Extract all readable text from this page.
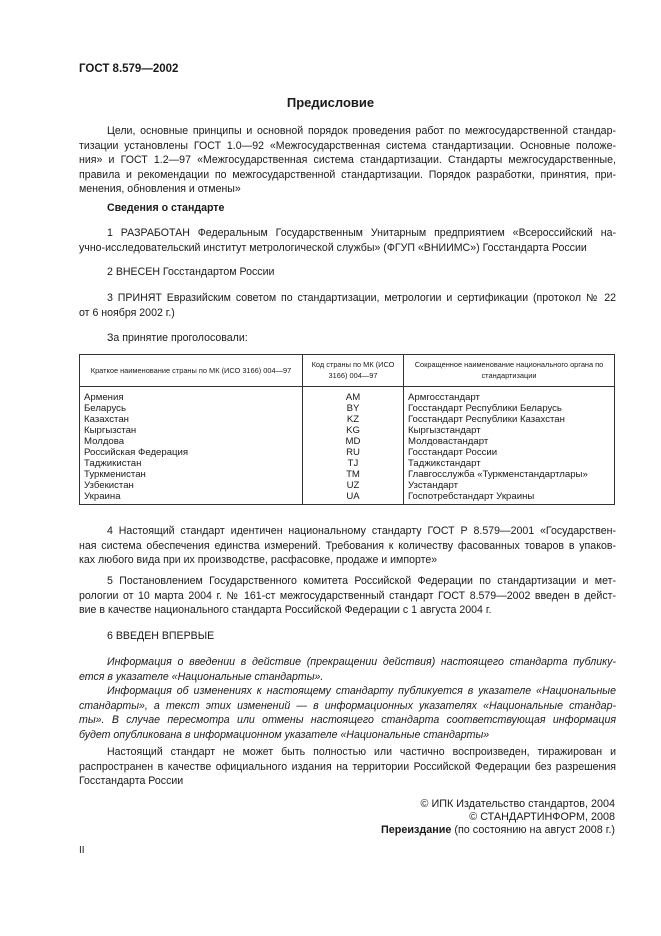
ГОСТ 8.579—2002
Предисловие
Цели, основные принципы и основной порядок проведения работ по межгосударственной стандар-
тизации установлены ГОСТ 1.0—92 «Межгосударственная система стандартизации. Основные положе-
ния» и ГОСТ 1.2—97 «Межгосударственная система стандартизации. Стандарты межгосударственные,
правила и рекомендации по межгосударственной стандартизации. Порядок разработки, принятия, при-
менения, обновления и отмены»
Сведения о стандарте
1 РАЗРАБОТАН Федеральным Государственным Унитарным предприятием «Всероссийский на-
учно-исследовательский институт метрологической службы» (ФГУП «ВНИИМС») Госстандарта России
2 ВНЕСЕН Госстандартом России
3 ПРИНЯТ Евразийским советом по стандартизации, метрологии и сертификации (протокол № 22
от 6 ноября 2002 г.)
За принятие проголосовали:
Краткое наименование страны по МК (ИСО 3166) 004—97	Код страны по МК (ИСО 3166) 004—97	Сокращенное наименование национального органа по стандартизации
Армения	AM	Армгосстандарт
Беларусь	BY	Госстандарт Республики Беларусь
Казахстан	KZ	Госстандарт Республики Казахстан
Кыргызстан	KG	Кыргызстандарт
Молдова	MD	Молдовастандарт
Российская Федерация	RU	Госстандарт России
Таджикистан	TJ	Таджикстандарт
Туркменистан	TM	Главгосслужба «Туркменстандартлары»
Узбекистан	UZ	Узстандарт
Украина	UA	Госпотребстандарт Украины
4 Настоящий стандарт идентичен национальному стандарту ГОСТ Р 8.579—2001 «Государствен-
ная система обеспечения единства измерений. Требования к количеству фасованных товаров в упаков-
ках любого вида при их производстве, расфасовке, продаже и импорте»
5 Постановлением Государственного комитета Российской Федерации по стандартизации и мет-
рологии от 10 марта 2004 г. № 161-ст межгосударственный стандарт ГОСТ 8.579—2002 введен в дейст-
вие в качестве национального стандарта Российской Федерации с 1 августа 2004 г.
6 ВВЕДЕН ВПЕРВЫЕ
Информация о введении в действие (прекращении действия) настоящего стандарта публику-
ется в указателе «Национальные стандарты».
Информация об изменениях к настоящему стандарту публикуется в указателе «Национальные
стандарты», а текст этих изменений — в информационных указателях «Национальные стандар-
ты». В случае пересмотра или отмены настоящего стандарта соответствующая информация
будет опубликована в информационном указателе «Национальные стандарты»
Настоящий стандарт не может быть полностью или частично воспроизведен, тиражирован и
распространен в качестве официального издания на территории Российской Федерации без разрешения
Госстандарта России
© ИПК Издательство стандартов, 2004
© СТАНДАРТИНФОРМ, 2008
Переиздание (по состоянию на август 2008 г.)
II
